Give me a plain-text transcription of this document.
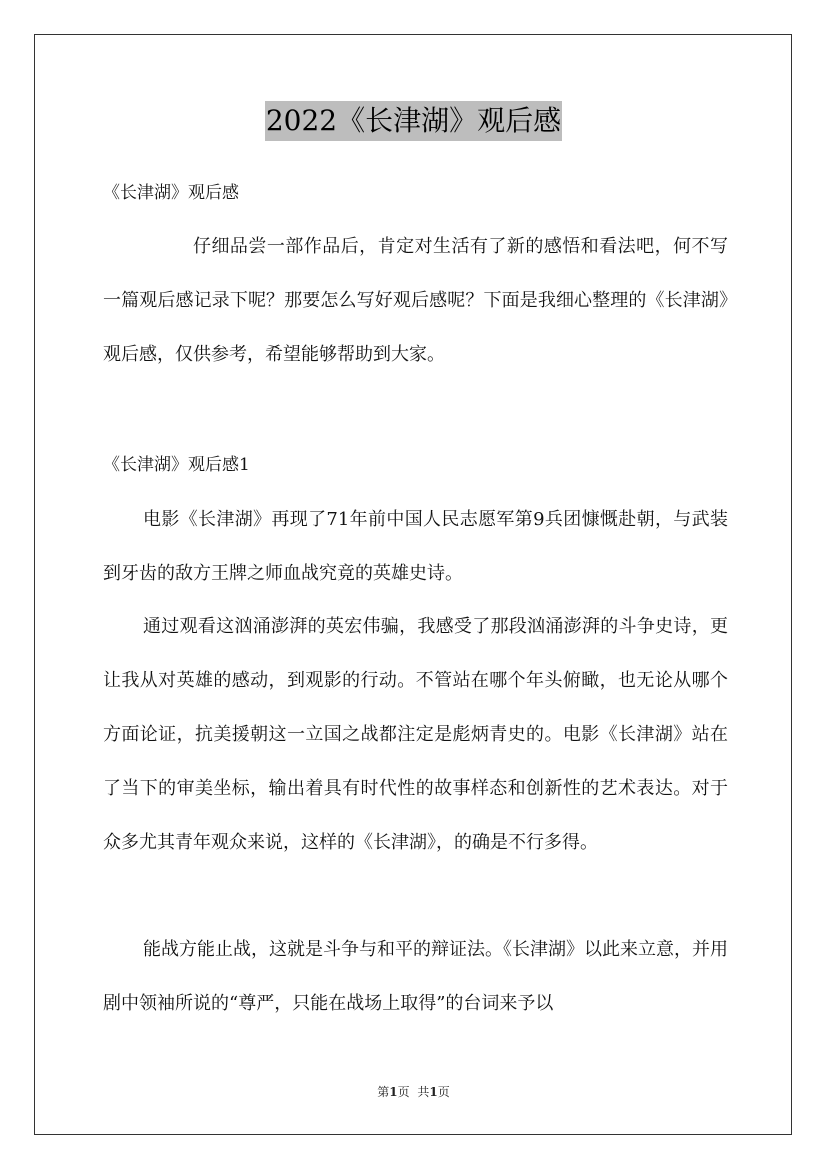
2022《长津湖》观后感

《长津湖》观后感

仔细品尝一部作品后，肯定对生活有了新的感悟和看法吧，何不写一篇观后感记录下呢？那要怎么写好观后感呢？下面是我细心整理的《长津湖》观后感，仅供参考，希望能够帮助到大家。

《长津湖》观后感1

电影《长津湖》再现了71年前中国人民志愿军第9兵团慷慨赴朝，与武装到牙齿的敌方王牌之师血战究竟的英雄史诗。

通过观看这汹涌澎湃的英宏伟骗，我感受了那段汹涌澎湃的斗争史诗，更让我从对英雄的感动，到观影的行动。不管站在哪个年头俯瞰，也无论从哪个方面论证，抗美援朝这一立国之战都注定是彪炳青史的。电影《长津湖》站在了当下的审美坐标，输出着具有时代性的故事样态和创新性的艺术表达。对于众多尤其青年观众来说，这样的《长津湖》，的确是不行多得。

能战方能止战，这就是斗争与和平的辩证法。《长津湖》以此来立意，并用剧中领袖所说的“尊严，只能在战场上取得”的台词来予以

第1页 共1页
